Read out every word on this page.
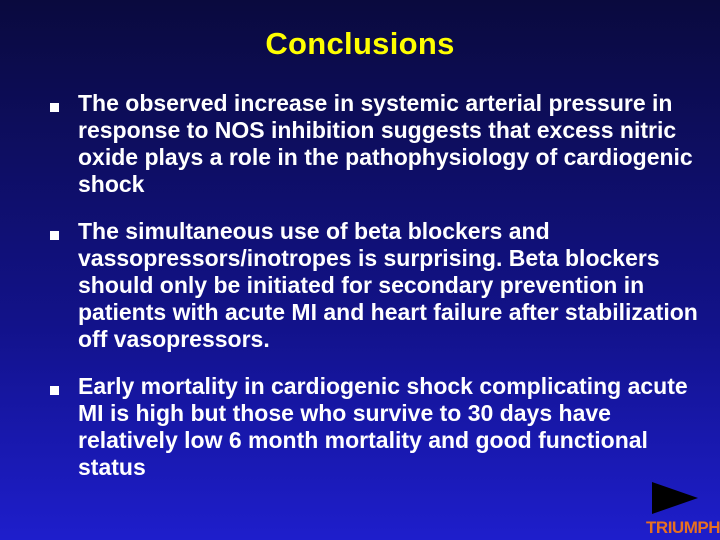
Conclusions

The observed increase in systemic arterial pressure in response to NOS inhibition suggests that excess nitric oxide plays a role in the pathophysiology of cardiogenic shock

The simultaneous use of beta blockers and vassopressors/inotropes is surprising. Beta blockers should only be initiated for secondary prevention in patients with acute MI and heart failure after stabilization off vasopressors.

Early mortality in cardiogenic shock complicating acute MI is high but those who survive to 30 days have relatively low 6 month mortality and good functional status

TRIUMPH
